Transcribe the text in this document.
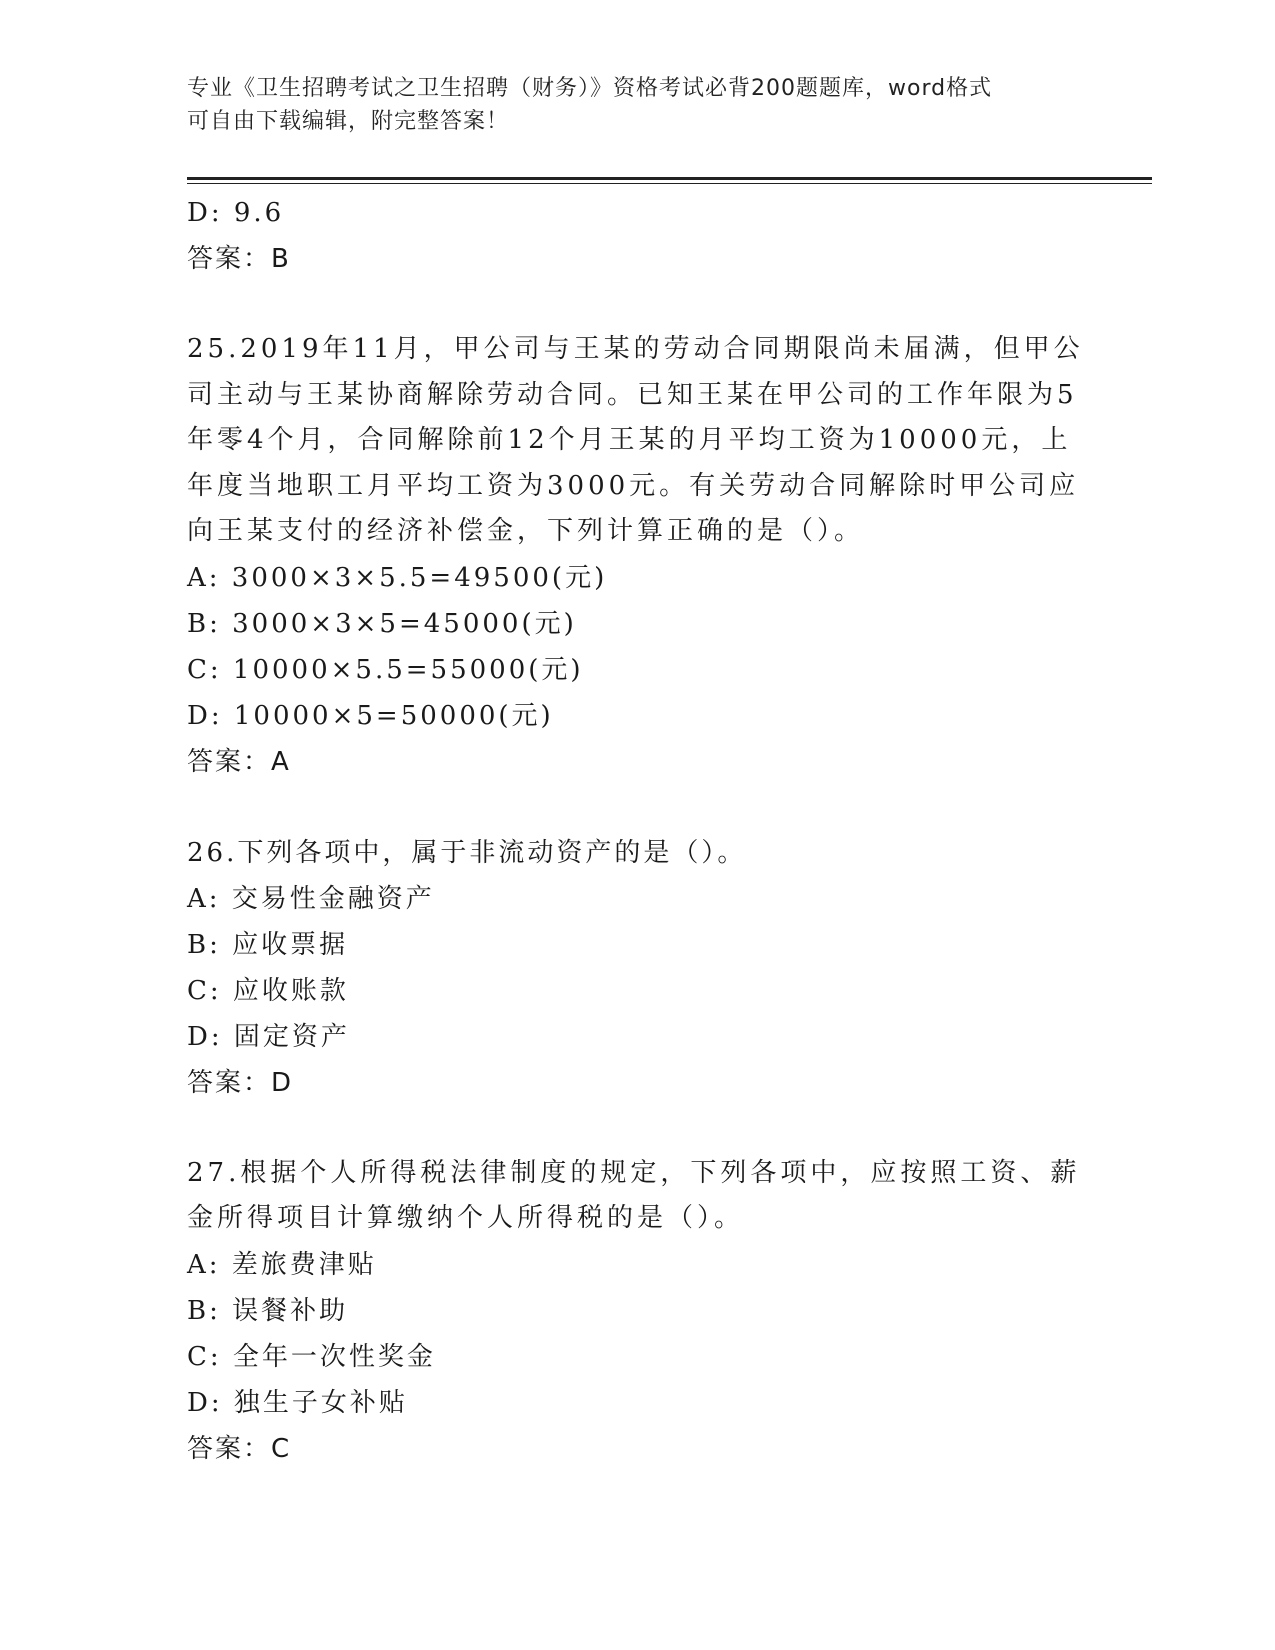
专业《卫生招聘考试之卫生招聘（财务）》资格考试必背200题题库，word格式
可自由下载编辑，附完整答案！
D: 9.6
答案：B
25.2019年11月，甲公司与王某的劳动合同期限尚未届满，但甲公司主动与王某协商解除劳动合同。已知王某在甲公司的工作年限为5年零4个月，合同解除前12个月王某的月平均工资为10000元，上年度当地职工月平均工资为3000元。有关劳动合同解除时甲公司应向王某支付的经济补偿金，下列计算正确的是（）。
A: 3000×3×5.5=49500(元)
B: 3000×3×5=45000(元)
C: 10000×5.5=55000(元)
D: 10000×5=50000(元)
答案：A
26.下列各项中，属于非流动资产的是（）。
A: 交易性金融资产
B: 应收票据
C: 应收账款
D: 固定资产
答案：D
27.根据个人所得税法律制度的规定，下列各项中，应按照工资、薪金所得项目计算缴纳个人所得税的是（）。
A: 差旅费津贴
B: 误餐补助
C: 全年一次性奖金
D: 独生子女补贴
答案：C
